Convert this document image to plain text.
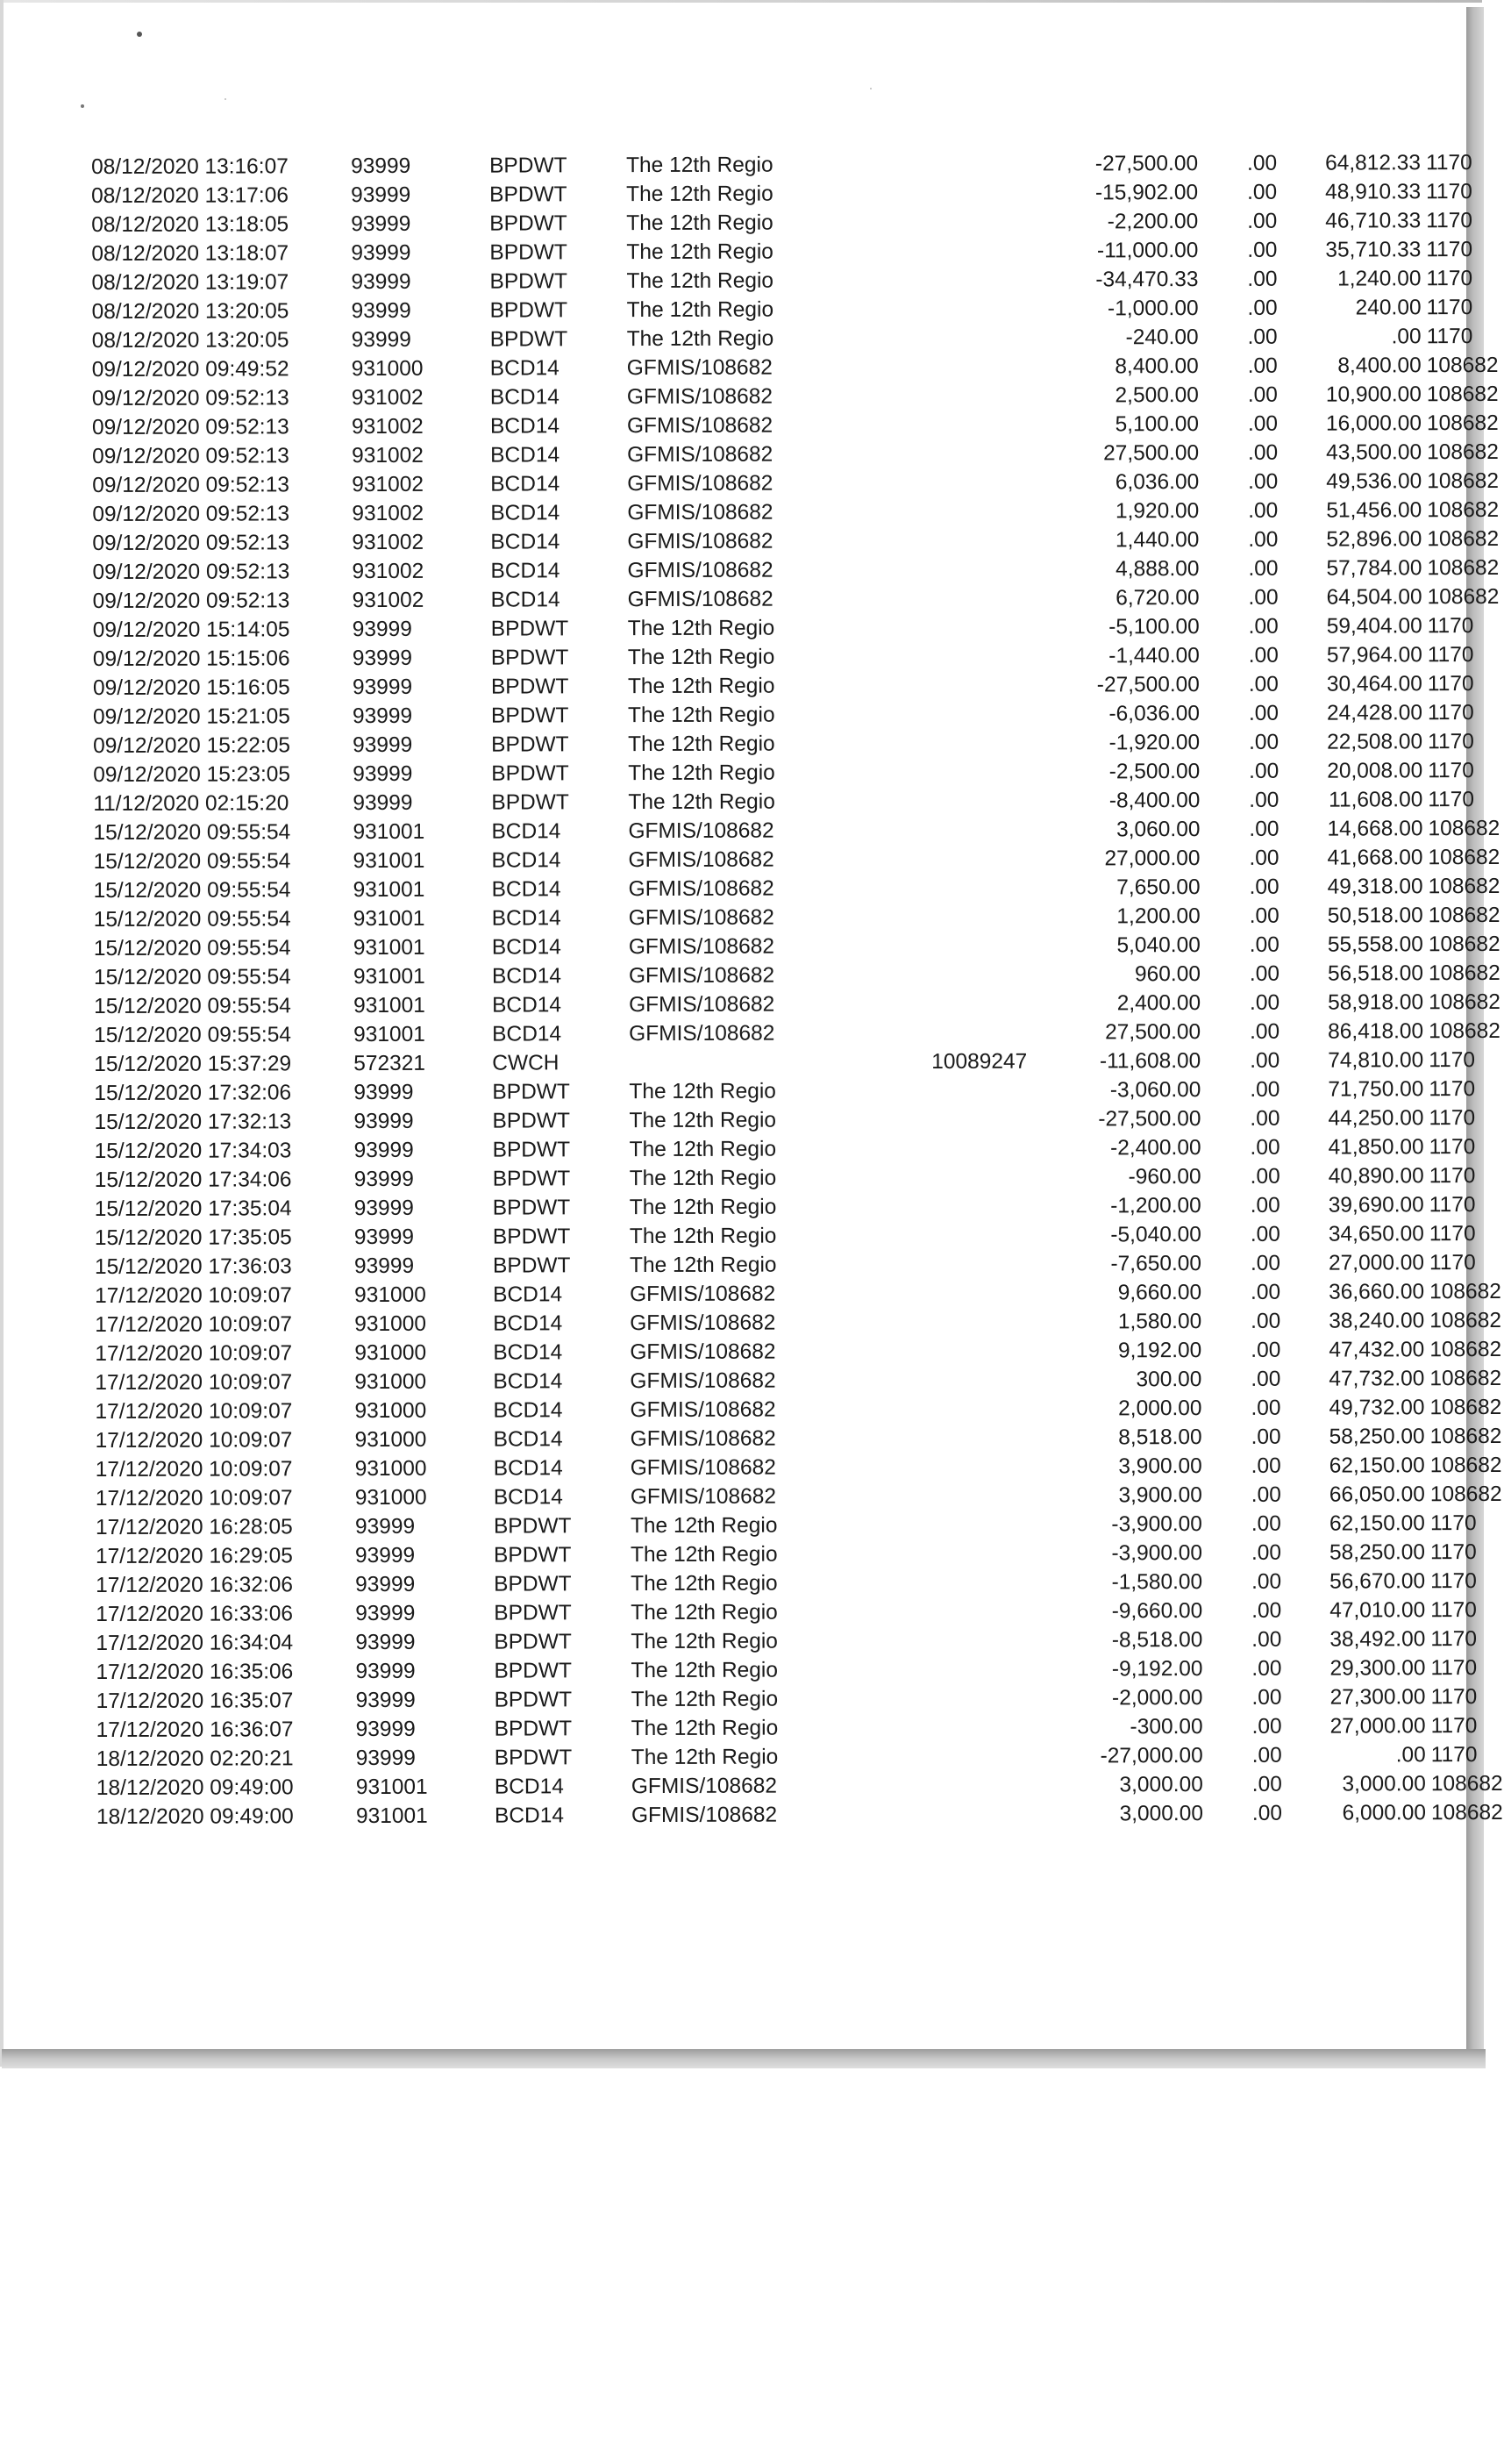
08/12/2020 13:16:07	93999	BPDWT	The 12th Regio	-27,500.00	.00	64,812.33 1170
08/12/2020 13:17:06	93999	BPDWT	The 12th Regio	-15,902.00	.00	48,910.33 1170
08/12/2020 13:18:05	93999	BPDWT	The 12th Regio	-2,200.00	.00	46,710.33 1170
08/12/2020 13:18:07	93999	BPDWT	The 12th Regio	-11,000.00	.00	35,710.33 1170
08/12/2020 13:19:07	93999	BPDWT	The 12th Regio	-34,470.33	.00	1,240.00 1170
08/12/2020 13:20:05	93999	BPDWT	The 12th Regio	-1,000.00	.00	240.00 1170
08/12/2020 13:20:05	93999	BPDWT	The 12th Regio	-240.00	.00	.00 1170
09/12/2020 09:49:52	931000	BCD14	GFMIS/108682	8,400.00	.00	8,400.00 108682
09/12/2020 09:52:13	931002	BCD14	GFMIS/108682	2,500.00	.00	10,900.00 108682
09/12/2020 09:52:13	931002	BCD14	GFMIS/108682	5,100.00	.00	16,000.00 108682
09/12/2020 09:52:13	931002	BCD14	GFMIS/108682	27,500.00	.00	43,500.00 108682
09/12/2020 09:52:13	931002	BCD14	GFMIS/108682	6,036.00	.00	49,536.00 108682
09/12/2020 09:52:13	931002	BCD14	GFMIS/108682	1,920.00	.00	51,456.00 108682
09/12/2020 09:52:13	931002	BCD14	GFMIS/108682	1,440.00	.00	52,896.00 108682
09/12/2020 09:52:13	931002	BCD14	GFMIS/108682	4,888.00	.00	57,784.00 108682
09/12/2020 09:52:13	931002	BCD14	GFMIS/108682	6,720.00	.00	64,504.00 108682
09/12/2020 15:14:05	93999	BPDWT	The 12th Regio	-5,100.00	.00	59,404.00 1170
09/12/2020 15:15:06	93999	BPDWT	The 12th Regio	-1,440.00	.00	57,964.00 1170
09/12/2020 15:16:05	93999	BPDWT	The 12th Regio	-27,500.00	.00	30,464.00 1170
09/12/2020 15:21:05	93999	BPDWT	The 12th Regio	-6,036.00	.00	24,428.00 1170
09/12/2020 15:22:05	93999	BPDWT	The 12th Regio	-1,920.00	.00	22,508.00 1170
09/12/2020 15:23:05	93999	BPDWT	The 12th Regio	-2,500.00	.00	20,008.00 1170
11/12/2020 02:15:20	93999	BPDWT	The 12th Regio	-8,400.00	.00	11,608.00 1170
15/12/2020 09:55:54	931001	BCD14	GFMIS/108682	3,060.00	.00	14,668.00 108682
15/12/2020 09:55:54	931001	BCD14	GFMIS/108682	27,000.00	.00	41,668.00 108682
15/12/2020 09:55:54	931001	BCD14	GFMIS/108682	7,650.00	.00	49,318.00 108682
15/12/2020 09:55:54	931001	BCD14	GFMIS/108682	1,200.00	.00	50,518.00 108682
15/12/2020 09:55:54	931001	BCD14	GFMIS/108682	5,040.00	.00	55,558.00 108682
15/12/2020 09:55:54	931001	BCD14	GFMIS/108682	960.00	.00	56,518.00 108682
15/12/2020 09:55:54	931001	BCD14	GFMIS/108682	2,400.00	.00	58,918.00 108682
15/12/2020 09:55:54	931001	BCD14	GFMIS/108682	27,500.00	.00	86,418.00 108682
15/12/2020 15:37:29	572321	CWCH	10089247	-11,608.00	.00	74,810.00 1170
15/12/2020 17:32:06	93999	BPDWT	The 12th Regio	-3,060.00	.00	71,750.00 1170
15/12/2020 17:32:13	93999	BPDWT	The 12th Regio	-27,500.00	.00	44,250.00 1170
15/12/2020 17:34:03	93999	BPDWT	The 12th Regio	-2,400.00	.00	41,850.00 1170
15/12/2020 17:34:06	93999	BPDWT	The 12th Regio	-960.00	.00	40,890.00 1170
15/12/2020 17:35:04	93999	BPDWT	The 12th Regio	-1,200.00	.00	39,690.00 1170
15/12/2020 17:35:05	93999	BPDWT	The 12th Regio	-5,040.00	.00	34,650.00 1170
15/12/2020 17:36:03	93999	BPDWT	The 12th Regio	-7,650.00	.00	27,000.00 1170
17/12/2020 10:09:07	931000	BCD14	GFMIS/108682	9,660.00	.00	36,660.00 108682
17/12/2020 10:09:07	931000	BCD14	GFMIS/108682	1,580.00	.00	38,240.00 108682
17/12/2020 10:09:07	931000	BCD14	GFMIS/108682	9,192.00	.00	47,432.00 108682
17/12/2020 10:09:07	931000	BCD14	GFMIS/108682	300.00	.00	47,732.00 108682
17/12/2020 10:09:07	931000	BCD14	GFMIS/108682	2,000.00	.00	49,732.00 108682
17/12/2020 10:09:07	931000	BCD14	GFMIS/108682	8,518.00	.00	58,250.00 108682
17/12/2020 10:09:07	931000	BCD14	GFMIS/108682	3,900.00	.00	62,150.00 108682
17/12/2020 10:09:07	931000	BCD14	GFMIS/108682	3,900.00	.00	66,050.00 108682
17/12/2020 16:28:05	93999	BPDWT	The 12th Regio	-3,900.00	.00	62,150.00 1170
17/12/2020 16:29:05	93999	BPDWT	The 12th Regio	-3,900.00	.00	58,250.00 1170
17/12/2020 16:32:06	93999	BPDWT	The 12th Regio	-1,580.00	.00	56,670.00 1170
17/12/2020 16:33:06	93999	BPDWT	The 12th Regio	-9,660.00	.00	47,010.00 1170
17/12/2020 16:34:04	93999	BPDWT	The 12th Regio	-8,518.00	.00	38,492.00 1170
17/12/2020 16:35:06	93999	BPDWT	The 12th Regio	-9,192.00	.00	29,300.00 1170
17/12/2020 16:35:07	93999	BPDWT	The 12th Regio	-2,000.00	.00	27,300.00 1170
17/12/2020 16:36:07	93999	BPDWT	The 12th Regio	-300.00	.00	27,000.00 1170
18/12/2020 02:20:21	93999	BPDWT	The 12th Regio	-27,000.00	.00	.00 1170
18/12/2020 09:49:00	931001	BCD14	GFMIS/108682	3,000.00	.00	3,000.00 108682
18/12/2020 09:49:00	931001	BCD14	GFMIS/108682	3,000.00	.00	6,000.00 108682
